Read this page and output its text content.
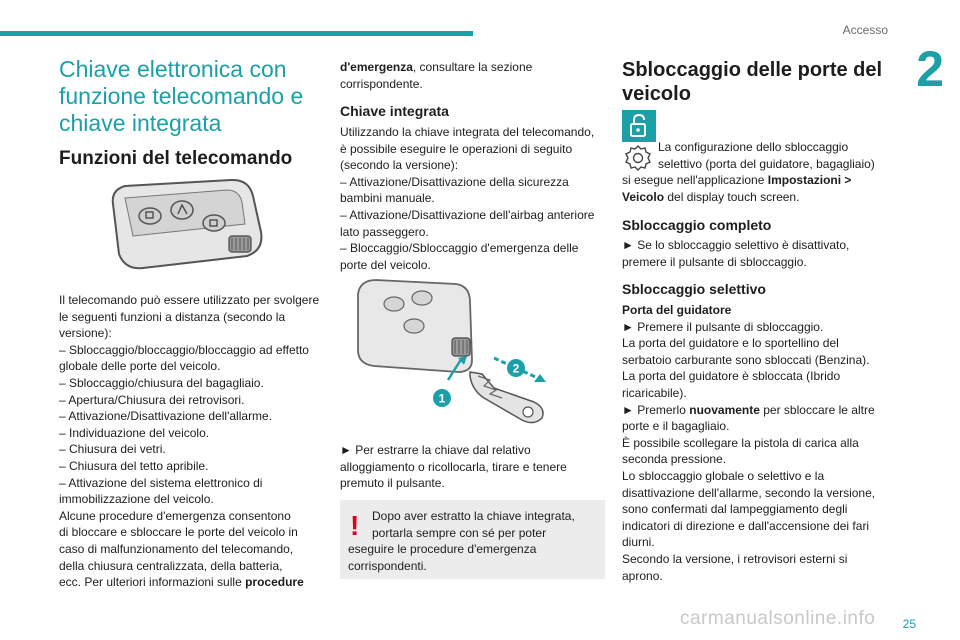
Accesso
2
Chiave elettronica con funzione telecomando e chiave integrata
Funzioni del telecomando
Il telecomando può essere utilizzato per svolgere
le seguenti funzioni a distanza (secondo la
versione):
– Sbloccaggio/bloccaggio/bloccaggio ad effetto
globale delle porte del veicolo.
– Sbloccaggio/chiusura del bagagliaio.
– Apertura/Chiusura dei retrovisori.
– Attivazione/Disattivazione dell'allarme.
– Individuazione del veicolo.
– Chiusura dei vetri.
– Chiusura del tetto apribile.
– Attivazione del sistema elettronico di
immobilizzazione del veicolo.
Alcune procedure d'emergenza consentono
di bloccare e sbloccare le porte del veicolo in
caso di malfunzionamento del telecomando,
della chiusura centralizzata, della batteria,
ecc. Per ulteriori informazioni sulle procedure
d'emergenza, consultare la sezione
corrispondente.
Chiave integrata
Utilizzando la chiave integrata del telecomando,
è possibile eseguire le operazioni di seguito
(secondo la versione):
– Attivazione/Disattivazione della sicurezza
bambini manuale.
– Attivazione/Disattivazione dell'airbag anteriore
lato passeggero.
– Bloccaggio/Sbloccaggio d'emergenza delle
porte del veicolo.
1
2
► Per estrarre la chiave dal relativo
alloggiamento o ricollocarla, tirare e tenere
premuto il pulsante.
!	Dopo aver estratto la chiave integrata,
portarla sempre con sé per poter
eseguire le procedure d'emergenza
corrispondenti.
Sbloccaggio delle porte del
veicolo
La configurazione dello sbloccaggio
selettivo (porta del guidatore, bagagliaio)
si esegue nell'applicazione Impostazioni >
Veicolo del display touch screen.
Sbloccaggio completo
► Se lo sbloccaggio selettivo è disattivato,
premere il pulsante di sbloccaggio.
Sbloccaggio selettivo
Porta del guidatore
► Premere il pulsante di sbloccaggio.
La porta del guidatore e lo sportellino del
serbatoio carburante sono sbloccati (Benzina).
La porta del guidatore è sbloccata (Ibrido
ricaricabile).
► Premerlo nuovamente per sbloccare le altre
porte e il bagagliaio.
È possibile scollegare la pistola di carica alla
seconda pressione.
Lo sbloccaggio globale o selettivo e la
disattivazione dell'allarme, secondo la versione,
sono confermati dal lampeggiamento degli
indicatori di direzione e dall'accensione dei fari
diurni.
Secondo la versione, i retrovisori esterni si
aprono.
carmanualsonline.info 25
